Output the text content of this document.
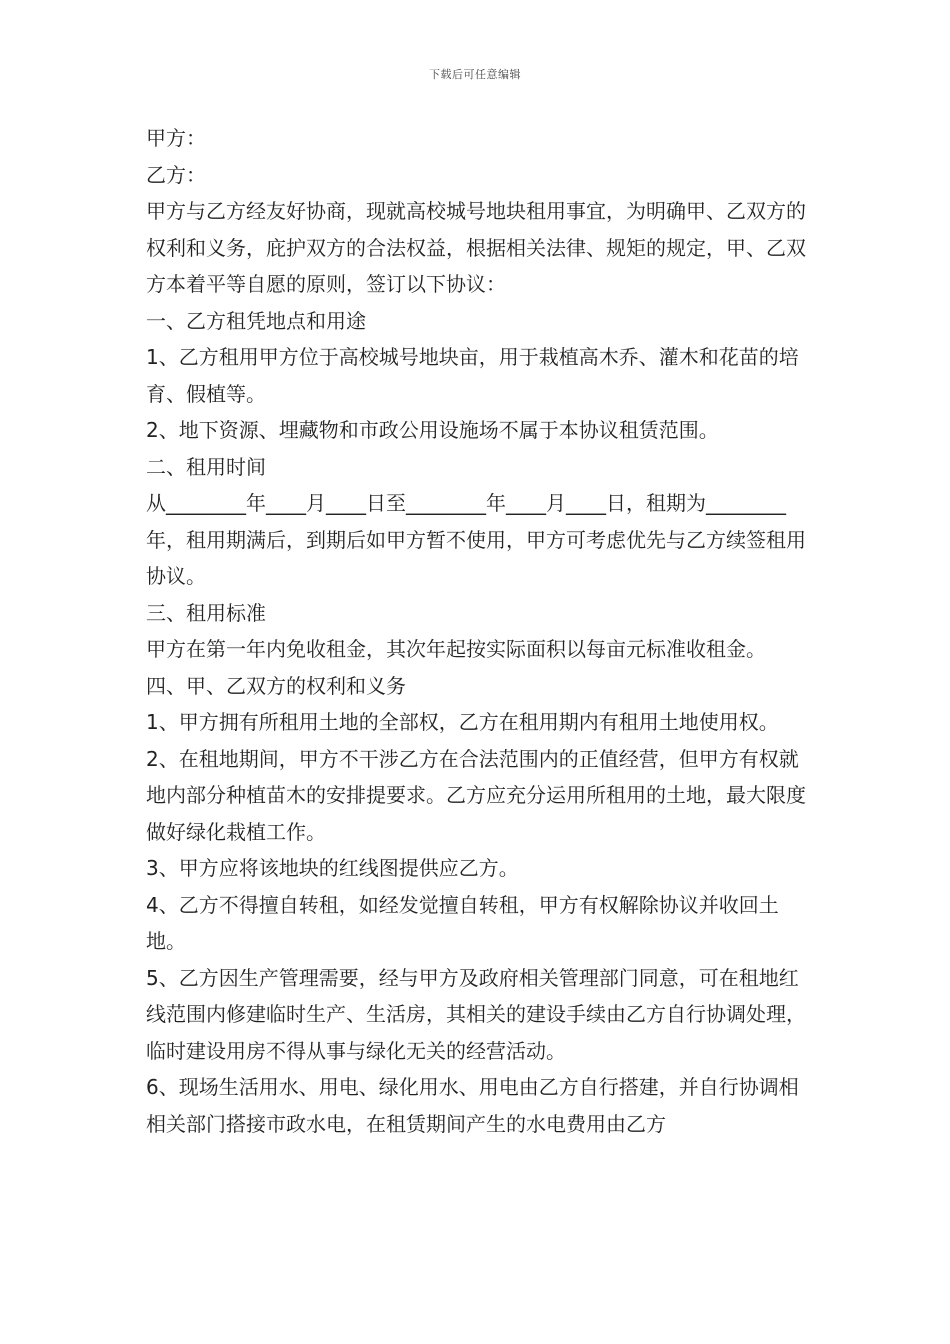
下载后可任意编辑

甲方：

乙方：

甲方与乙方经友好协商，现就高校城号地块租用事宜，为明确甲、乙双方的权利和义务，庇护双方的合法权益，根据相关法律、规矩的规定，甲、乙双方本着平等自愿的原则，签订以下协议：

一、乙方租凭地点和用途

1、乙方租用甲方位于高校城号地块亩，用于栽植高木乔、灌木和花苗的培育、假植等。

2、地下资源、埋藏物和市政公用设施场不属于本协议租赁范围。

二、租用时间

从________年____月____日至________年____月____日，租期为________年，租用期满后，到期后如甲方暂不使用，甲方可考虑优先与乙方续签租用协议。

三、租用标准

甲方在第一年内免收租金，其次年起按实际面积以每亩元标准收租金。

四、甲、乙双方的权利和义务

1、甲方拥有所租用土地的全部权，乙方在租用期内有租用土地使用权。

2、在租地期间，甲方不干涉乙方在合法范围内的正值经营，但甲方有权就地内部分种植苗木的安排提要求。乙方应充分运用所租用的土地，最大限度做好绿化栽植工作。

3、甲方应将该地块的红线图提供应乙方。

4、乙方不得擅自转租，如经发觉擅自转租，甲方有权解除协议并收回土地。

5、乙方因生产管理需要，经与甲方及政府相关管理部门同意，可在租地红线范围内修建临时生产、生活房，其相关的建设手续由乙方自行协调处理，临时建设用房不得从事与绿化无关的经营活动。

6、现场生活用水、用电、绿化用水、用电由乙方自行搭建，并自行协调相相关部门搭接市政水电，在租赁期间产生的水电费用由乙方
